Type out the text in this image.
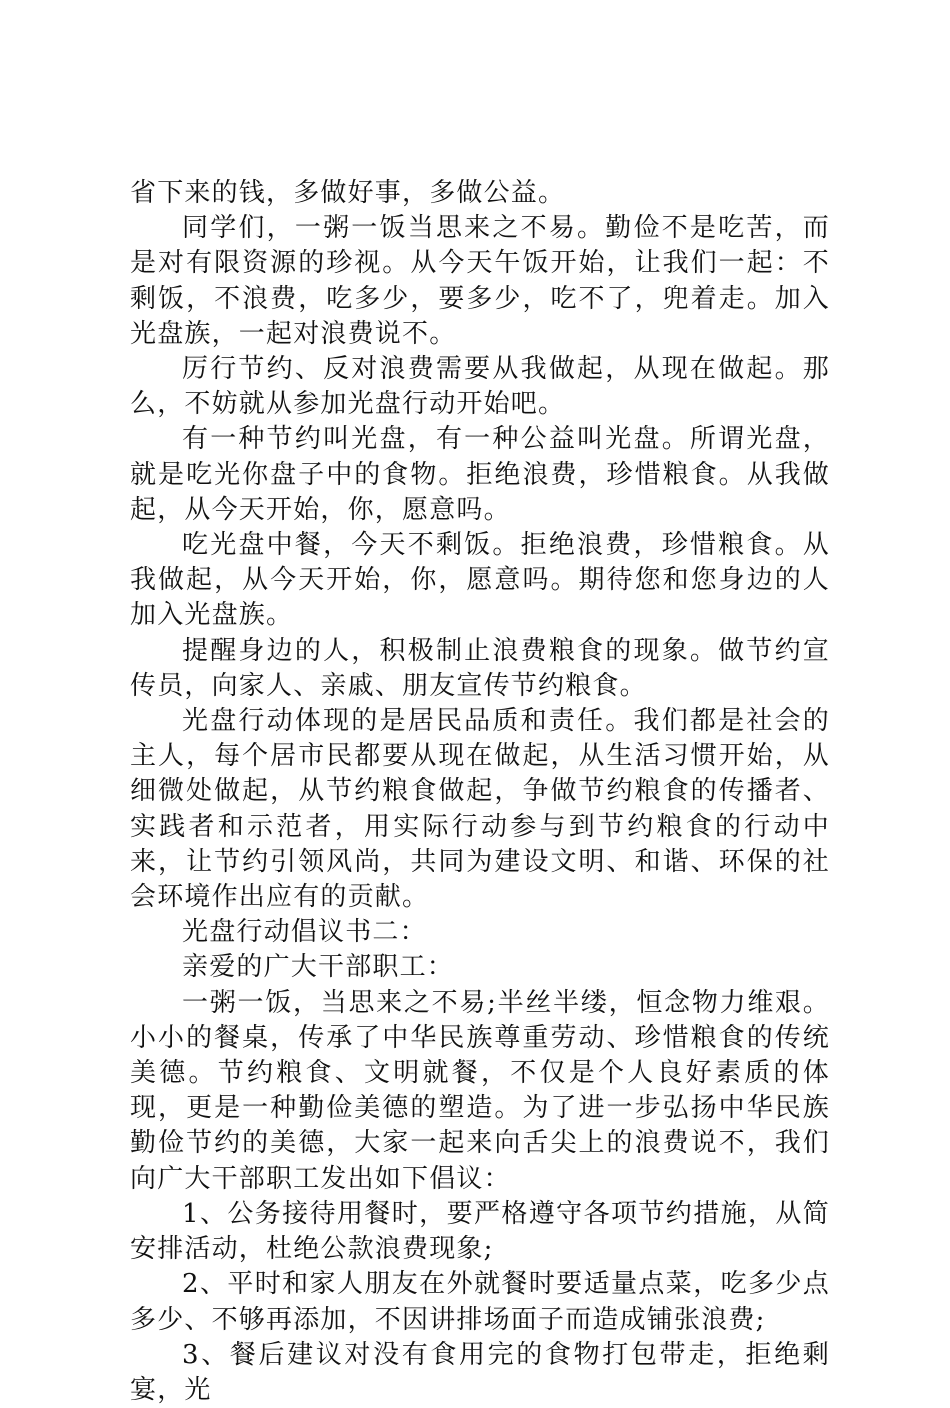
省下来的钱，多做好事，多做公益。

同学们，一粥一饭当思来之不易。勤俭不是吃苦，而是对有限资源的珍视。从今天午饭开始，让我们一起：不剩饭，不浪费，吃多少，要多少，吃不了，兜着走。加入光盘族，一起对浪费说不。

厉行节约、反对浪费需要从我做起，从现在做起。那么，不妨就从参加光盘行动开始吧。

有一种节约叫光盘，有一种公益叫光盘。所谓光盘，就是吃光你盘子中的食物。拒绝浪费，珍惜粮食。从我做起，从今天开始，你，愿意吗。

吃光盘中餐，今天不剩饭。拒绝浪费，珍惜粮食。从我做起，从今天开始，你，愿意吗。期待您和您身边的人加入光盘族。

提醒身边的人，积极制止浪费粮食的现象。做节约宣传员，向家人、亲戚、朋友宣传节约粮食。

光盘行动体现的是居民品质和责任。我们都是社会的主人，每个居市民都要从现在做起，从生活习惯开始，从细微处做起，从节约粮食做起，争做节约粮食的传播者、实践者和示范者，用实际行动参与到节约粮食的行动中来，让节约引领风尚，共同为建设文明、和谐、环保的社会环境作出应有的贡献。

光盘行动倡议书二：

亲爱的广大干部职工：

一粥一饭，当思来之不易;半丝半缕，恒念物力维艰。小小的餐桌，传承了中华民族尊重劳动、珍惜粮食的传统美德。节约粮食、文明就餐，不仅是个人良好素质的体现，更是一种勤俭美德的塑造。为了进一步弘扬中华民族勤俭节约的美德，大家一起来向舌尖上的浪费说不，我们向广大干部职工发出如下倡议：

1、公务接待用餐时，要严格遵守各项节约措施，从简安排活动，杜绝公款浪费现象;

2、平时和家人朋友在外就餐时要适量点菜，吃多少点多少、不够再添加，不因讲排场面子而造成铺张浪费;

3、餐后建议对没有食用完的食物打包带走，拒绝剩宴，光
